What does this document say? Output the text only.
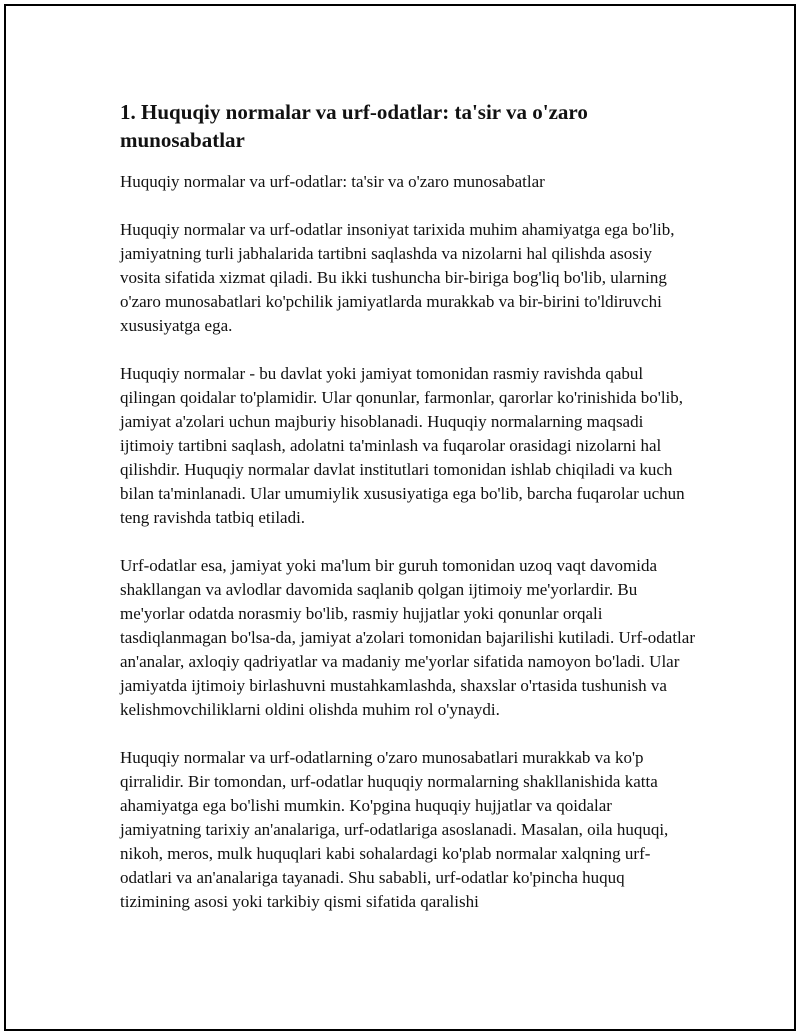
1. Huquqiy normalar va urf-odatlar: ta'sir va o'zaro munosabatlar

Huquqiy normalar va urf-odatlar: ta'sir va o'zaro munosabatlar

Huquqiy normalar va urf-odatlar insoniyat tarixida muhim ahamiyatga ega bo'lib, jamiyatning turli jabhalarida tartibni saqlashda va nizolarni hal qilishda asosiy vosita sifatida xizmat qiladi. Bu ikki tushuncha bir-biriga bog'liq bo'lib, ularning o'zaro munosabatlari ko'pchilik jamiyatlarda murakkab va bir-birini to'ldiruvchi xususiyatga ega.

Huquqiy normalar - bu davlat yoki jamiyat tomonidan rasmiy ravishda qabul qilingan qoidalar to'plamidir. Ular qonunlar, farmonlar, qarorlar ko'rinishida bo'lib, jamiyat a'zolari uchun majburiy hisoblanadi. Huquqiy normalarning maqsadi ijtimoiy tartibni saqlash, adolatni ta'minlash va fuqarolar orasidagi nizolarni hal qilishdir. Huquqiy normalar davlat institutlari tomonidan ishlab chiqiladi va kuch bilan ta'minlanadi. Ular umumiylik xususiyatiga ega bo'lib, barcha fuqarolar uchun teng ravishda tatbiq etiladi.

Urf-odatlar esa, jamiyat yoki ma'lum bir guruh tomonidan uzoq vaqt davomida shakllangan va avlodlar davomida saqlanib qolgan ijtimoiy me'yorlardir. Bu me'yorlar odatda norasmiy bo'lib, rasmiy hujjatlar yoki qonunlar orqali tasdiqlanmagan bo'lsa-da, jamiyat a'zolari tomonidan bajarilishi kutiladi. Urf-odatlar an'analar, axloqiy qadriyatlar va madaniy me'yorlar sifatida namoyon bo'ladi. Ular jamiyatda ijtimoiy birlashuvni mustahkamlashda, shaxslar o'rtasida tushunish va kelishmovchiliklarni oldini olishda muhim rol o'ynaydi.

Huquqiy normalar va urf-odatlarning o'zaro munosabatlari murakkab va ko'p qirralidir. Bir tomondan, urf-odatlar huquqiy normalarning shakllanishida katta ahamiyatga ega bo'lishi mumkin. Ko'pgina huquqiy hujjatlar va qoidalar jamiyatning tarixiy an'analariga, urf-odatlariga asoslanadi. Masalan, oila huquqi, nikoh, meros, mulk huquqlari kabi sohalardagi ko'plab normalar xalqning urf-odatlari va an'analariga tayanadi. Shu sababli, urf-odatlar ko'pincha huquq tizimining asosi yoki tarkibiy qismi sifatida qaralishi
